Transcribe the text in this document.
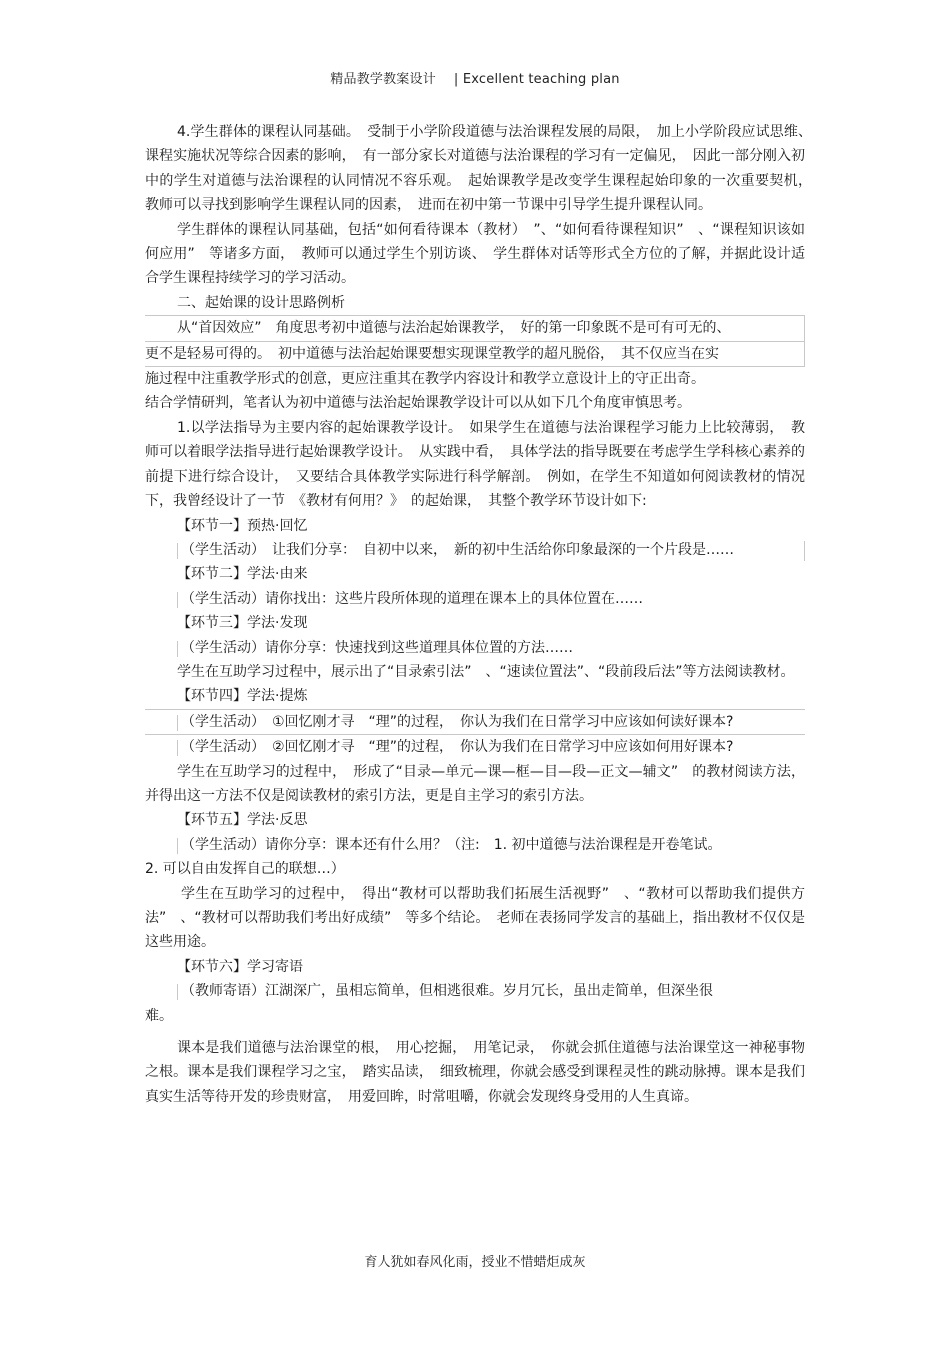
精品教学教案设计 | Excellent teaching plan

4.学生群体的课程认同基础。　受制于小学阶段道德与法治课程发展的局限，　加上小学阶段应试思维、　课程实施状况等综合因素的影响，　有一部分家长对道德与法治课程的学习有一定偏见，　因此一部分刚入初中的学生对道德与法治课程的认同情况不容乐观。　起始课教学是改变学生课程起始印象的一次重要契机，　教师可以寻找到影响学生课程认同的因素，　进而在初中第一节课中引导学生提升课程认同。

学生群体的课程认同基础，包括“如何看待课本（教材）　”、“如何看待课程知识”　、“课程知识该如何应用”　等诸多方面，　教师可以通过学生个别访谈、　学生群体对话等形式全方位的了解，并据此设计适合学生课程持续学习的学习活动。

二、起始课的设计思路例析

从“首因效应”　角度思考初中道德与法治起始课教学，　好的第一印象既不是可有可无的、

更不是轻易可得的。　初中道德与法治起始课要想实现课堂教学的超凡脱俗，　其不仅应当在实

施过程中注重教学形式的创意，更应注重其在教学内容设计和教学立意设计上的守正出奇。

结合学情研判，笔者认为初中道德与法治起始课教学设计可以从如下几个角度审慎思考。

1.以学法指导为主要内容的起始课教学设计。　如果学生在道德与法治课程学习能力上比较薄弱，　教师可以着眼学法指导进行起始课教学设计。　从实践中看，　具体学法的指导既要在考虑学生学科核心素养的前提下进行综合设计，　又要结合具体教学实际进行科学解剖。　例如，在学生不知道如何阅读教材的情况下，我曾经设计了一节　《教材有何用？》　的起始课，　其整个教学环节设计如下:

【环节一】预热·回忆

（学生活动）　让我们分享：　自初中以来，　新的初中生活给你印象最深的一个片段是……

【环节二】学法·由来

（学生活动）请你找出：这些片段所体现的道理在课本上的具体位置在……

【环节三】学法·发现

（学生活动）请你分享：快速找到这些道理具体位置的方法……

学生在互助学习过程中，展示出了“目录索引法”　、“速读位置法”、“段前段后法”等方法阅读教材。

【环节四】学法·提炼

（学生活动）　①回忆刚才寻　“理”的过程，　你认为我们在日常学习中应该如何读好课本?

（学生活动）　②回忆刚才寻　“理”的过程，　你认为我们在日常学习中应该如何用好课本?

学生在互助学习的过程中，　形成了“目录—单元—课—框—目—段—正文—辅文”　的教材阅读方法，并得出这一方法不仅是阅读教材的索引方法，更是自主学习的索引方法。

【环节五】学法·反思

（学生活动）请你分享：课本还有什么用？（注:　1. 初中道德与法治课程是开卷笔试。

2. 可以自由发挥自己的联想…）

学生在互助学习的过程中，　得出“教材可以帮助我们拓展生活视野”　、“教材可以帮助我们提供方法”　、“教材可以帮助我们考出好成绩”　等多个结论。　老师在表扬同学发言的基础上，指出教材不仅仅是这些用途。

【环节六】学习寄语

（教师寄语）江湖深广，虽相忘简单，但相逃很难。岁月冗长，虽出走简单，但深坐很

难。

课本是我们道德与法治课堂的根，　用心挖掘，　用笔记录，　你就会抓住道德与法治课堂这一神秘事物之根。课本是我们课程学习之宝，　踏实品读，　细致梳理，你就会感受到课程灵性的跳动脉搏。课本是我们真实生活等待开发的珍贵财富，　用爱回眸，时常咀嚼，你就会发现终身受用的人生真谛。

育人犹如春风化雨，授业不惜蜡炬成灰
